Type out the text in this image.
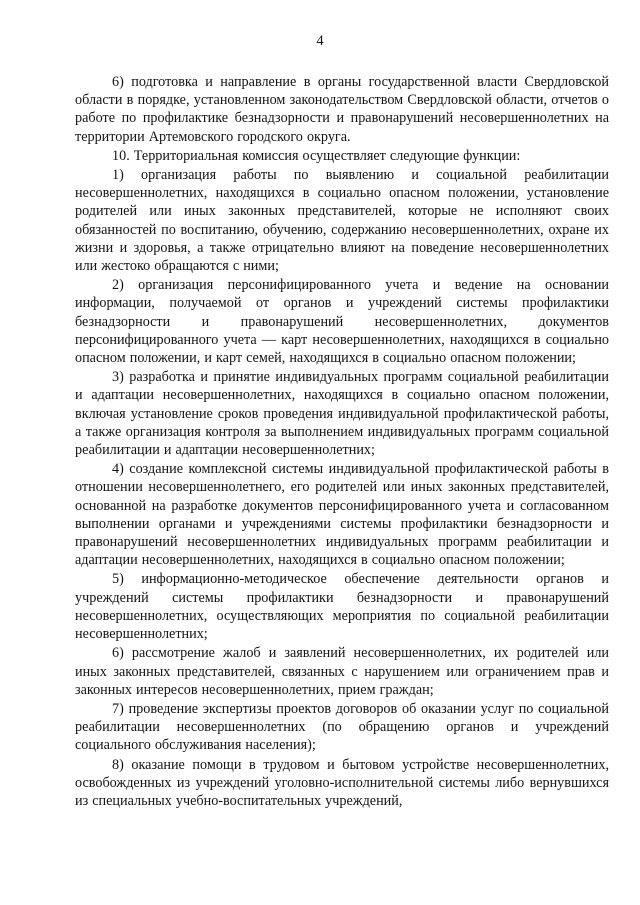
4

6) подготовка и направление в органы государственной власти Свердловской области в порядке, установленном законодательством Свердловской области, отчетов о работе по профилактике безнадзорности и правонарушений несовершеннолетних на территории Артемовского городского округа.

10. Территориальная комиссия осуществляет следующие функции:

1) организация работы по выявлению и социальной реабилитации несовершеннолетних, находящихся в социально опасном положении, установление родителей или иных законных представителей, которые не исполняют своих обязанностей по воспитанию, обучению, содержанию несовершеннолетних, охране их жизни и здоровья, а также отрицательно влияют на поведение несовершеннолетних или жестоко обращаются с ними;

2) организация персонифицированного учета и ведение на основании информации, получаемой от органов и учреждений системы профилактики безнадзорности и правонарушений несовершеннолетних, документов персонифицированного учета — карт несовершеннолетних, находящихся в социально опасном положении, и карт семей, находящихся в социально опасном положении;

3) разработка и принятие индивидуальных программ социальной реабилитации и адаптации несовершеннолетних, находящихся в социально опасном положении, включая установление сроков проведения индивидуальной профилактической работы, а также организация контроля за выполнением индивидуальных программ социальной реабилитации и адаптации несовершеннолетних;

4) создание комплексной системы индивидуальной профилактической работы в отношении несовершеннолетнего, его родителей или иных законных представителей, основанной на разработке документов персонифицированного учета и согласованном выполнении органами и учреждениями системы профилактики безнадзорности и правонарушений несовершеннолетних индивидуальных программ реабилитации и адаптации несовершеннолетних, находящихся в социально опасном положении;

5) информационно-методическое обеспечение деятельности органов и учреждений системы профилактики безнадзорности и правонарушений несовершеннолетних, осуществляющих мероприятия по социальной реабилитации несовершеннолетних;

6) рассмотрение жалоб и заявлений несовершеннолетних, их родителей или иных законных представителей, связанных с нарушением или ограничением прав и законных интересов несовершеннолетних, прием граждан;

7) проведение экспертизы проектов договоров об оказании услуг по социальной реабилитации несовершеннолетних (по обращению органов и учреждений социального обслуживания населения);

8) оказание помощи в трудовом и бытовом устройстве несовершеннолетних, освобожденных из учреждений уголовно-исполнительной системы либо вернувшихся из специальных учебно-воспитательных учреждений,
